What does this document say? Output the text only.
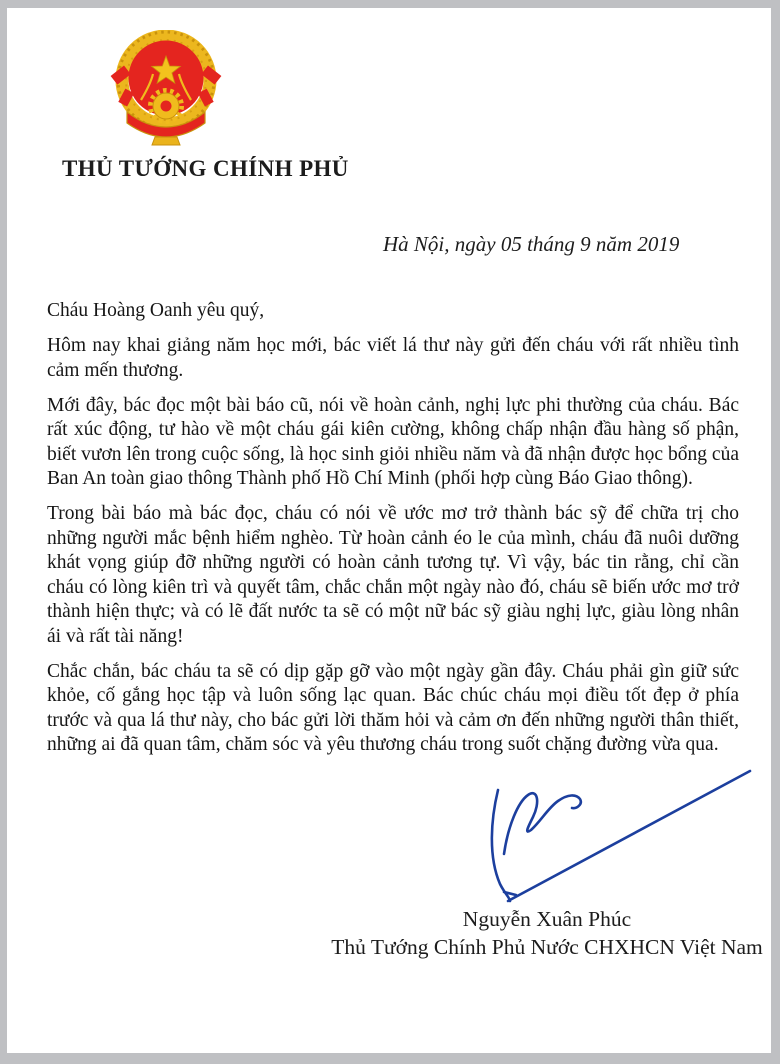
THỦ TƯỚNG CHÍNH PHỦ
Hà Nội, ngày 05 tháng 9 năm 2019

Cháu Hoàng Oanh yêu quý,

Hôm nay khai giảng năm học mới, bác viết lá thư này gửi đến cháu với rất nhiều tình cảm mến thương.

Mới đây, bác đọc một bài báo cũ, nói về hoàn cảnh, nghị lực phi thường của cháu. Bác rất xúc động, tư hào về một cháu gái kiên cường, không chấp nhận đầu hàng số phận, biết vươn lên trong cuộc sống, là học sinh giỏi nhiều năm và đã nhận được học bổng của Ban An toàn giao thông Thành phố Hồ Chí Minh (phối hợp cùng Báo Giao thông).

Trong bài báo mà bác đọc, cháu có nói về ước mơ trở thành bác sỹ để chữa trị cho những người mắc bệnh hiểm nghèo. Từ hoàn cảnh éo le của mình, cháu đã nuôi dưỡng khát vọng giúp đỡ những người có hoàn cảnh tương tự. Vì vậy, bác tin rằng, chỉ cần cháu có lòng kiên trì và quyết tâm, chắc chắn một ngày nào đó, cháu sẽ biến ước mơ trở thành hiện thực; và có lẽ đất nước ta sẽ có một nữ bác sỹ giàu nghị lực, giàu lòng nhân ái và rất tài năng!

Chắc chắn, bác cháu ta sẽ có dịp gặp gỡ vào một ngày gần đây. Cháu phải gìn giữ sức khỏe, cố gắng học tập và luôn sống lạc quan. Bác chúc cháu mọi điều tốt đẹp ở phía trước và qua lá thư này, cho bác gửi lời thăm hỏi và cảm ơn đến những người thân thiết, những ai đã quan tâm, chăm sóc và yêu thương cháu trong suốt chặng đường vừa qua.

Nguyễn Xuân Phúc
Thủ Tướng Chính Phủ Nước CHXHCN Việt Nam
